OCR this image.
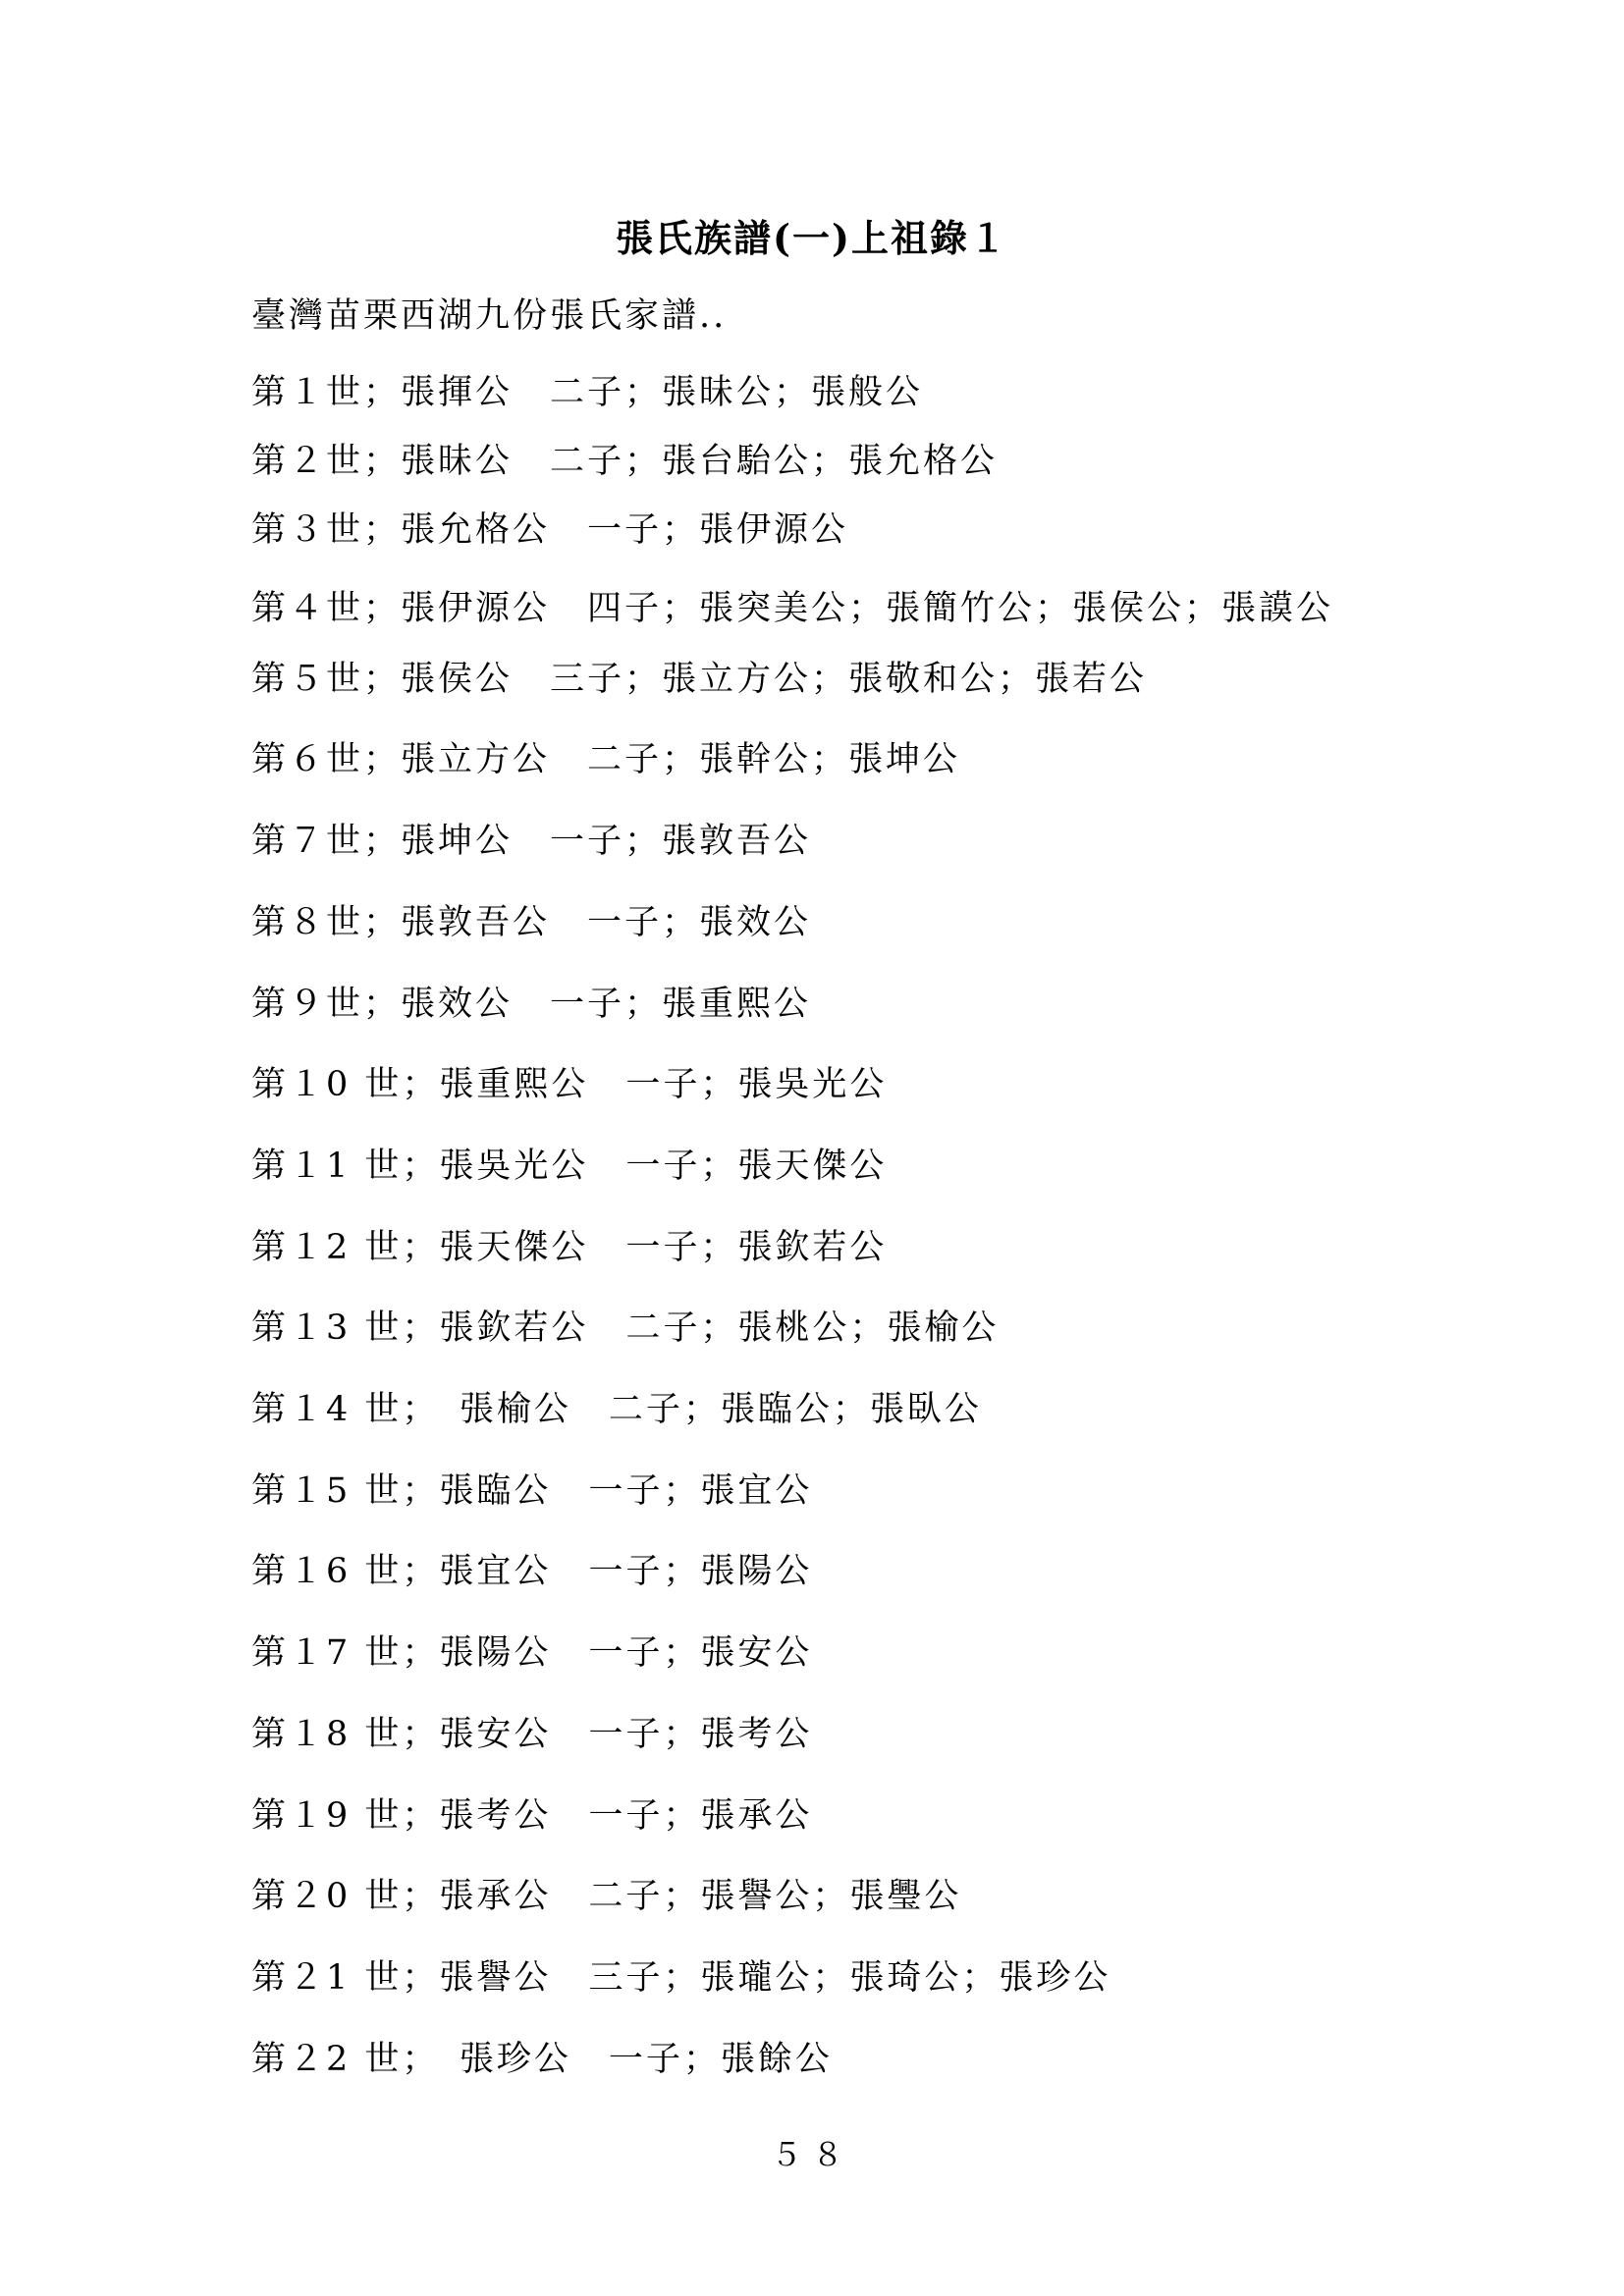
張氏族譜(一)上祖錄１
臺灣苗栗西湖九份張氏家譜..
第１世；張揮公　二子；張昧公；張般公
第２世；張昧公　二子；張台駘公；張允格公
第３世；張允格公　一子；張伊源公
第４世；張伊源公　四子；張突美公；張簡竹公；張侯公；張謨公
第５世；張侯公　三子；張立方公；張敬和公；張若公
第６世；張立方公　二子；張幹公；張坤公
第７世；張坤公　一子；張敦吾公
第８世；張敦吾公　一子；張效公
第９世；張效公　一子；張重熙公
第１0 世；張重熙公　一子；張吳光公
第１1 世；張吳光公　一子；張天傑公
第１2 世；張天傑公　一子；張欽若公
第１3 世；張欽若公　二子；張桃公；張榆公
第１4 世；　張榆公　二子；張臨公；張臥公
第１5 世；張臨公　一子；張宜公
第１6 世；張宜公　一子；張陽公
第１7 世；張陽公　一子；張安公
第１8 世；張安公　一子；張考公
第１9 世；張考公　一子；張承公
第２0 世；張承公　二子；張譽公；張璺公
第２1 世；張譽公　三子；張瓏公；張琦公；張珍公
第２2 世；　張珍公　一子；張餘公
５８
